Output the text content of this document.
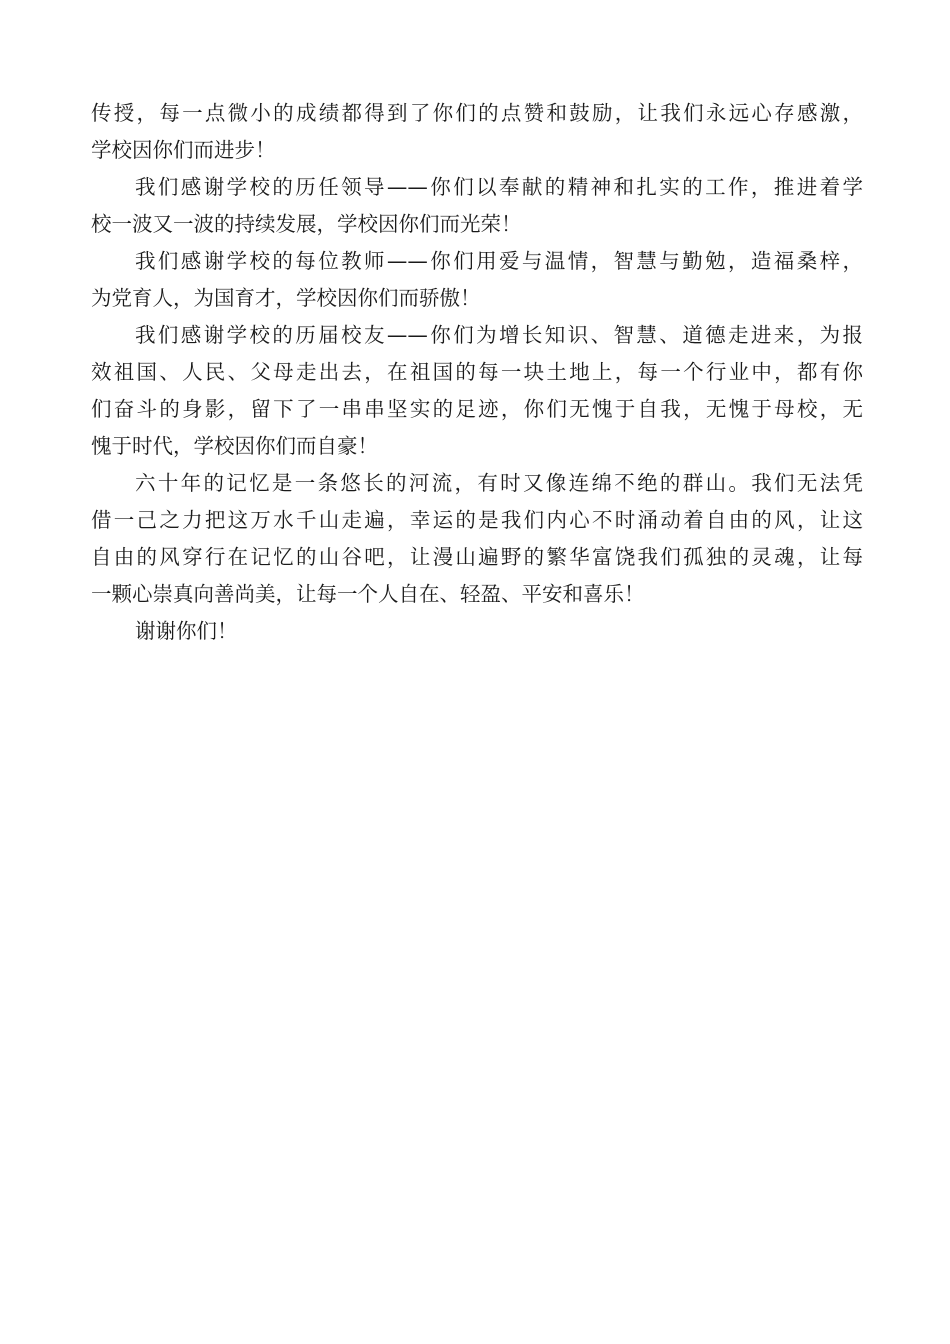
传授，每一点微小的成绩都得到了你们的点赞和鼓励，让我们永远心存感激，

学校因你们而进步！

我们感谢学校的历任领导——你们以奉献的精神和扎实的工作，推进着学

校一波又一波的持续发展，学校因你们而光荣！

我们感谢学校的每位教师——你们用爱与温情，智慧与勤勉，造福桑梓，

为党育人，为国育才，学校因你们而骄傲！

我们感谢学校的历届校友——你们为增长知识、智慧、道德走进来，为报

效祖国、人民、父母走出去，在祖国的每一块土地上，每一个行业中，都有你

们奋斗的身影，留下了一串串坚实的足迹，你们无愧于自我，无愧于母校，无

愧于时代，学校因你们而自豪！

六十年的记忆是一条悠长的河流，有时又像连绵不绝的群山。我们无法凭

借一己之力把这万水千山走遍，幸运的是我们内心不时涌动着自由的风，让这

自由的风穿行在记忆的山谷吧，让漫山遍野的繁华富饶我们孤独的灵魂，让每

一颗心崇真向善尚美，让每一个人自在、轻盈、平安和喜乐！

谢谢你们！
